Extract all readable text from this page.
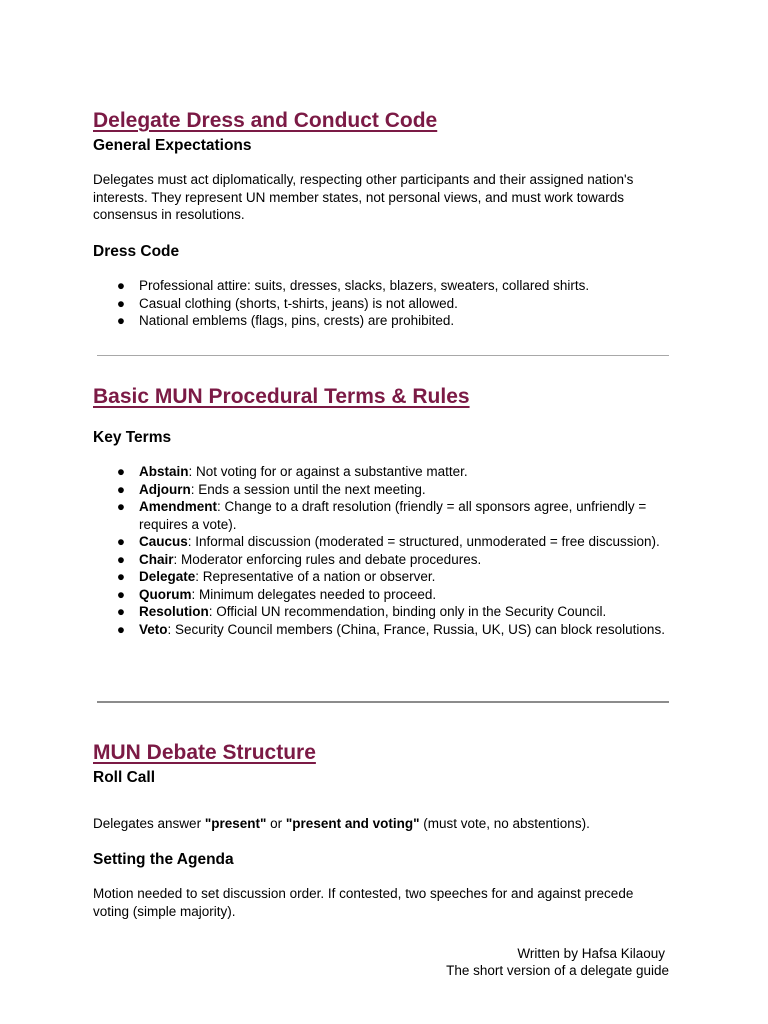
Delegate Dress and Conduct Code
General Expectations

Delegates must act diplomatically, respecting other participants and their assigned nation's interests. They represent UN member states, not personal views, and must work towards consensus in resolutions.

Dress Code
● Professional attire: suits, dresses, slacks, blazers, sweaters, collared shirts.
● Casual clothing (shorts, t-shirts, jeans) is not allowed.
● National emblems (flags, pins, crests) are prohibited.
Basic MUN Procedural Terms & Rules
Key Terms
● Abstain: Not voting for or against a substantive matter.
● Adjourn: Ends a session until the next meeting.
● Amendment: Change to a draft resolution (friendly = all sponsors agree, unfriendly = requires a vote).
● Caucus: Informal discussion (moderated = structured, unmoderated = free discussion).
● Chair: Moderator enforcing rules and debate procedures.
● Delegate: Representative of a nation or observer.
● Quorum: Minimum delegates needed to proceed.
● Resolution: Official UN recommendation, binding only in the Security Council.
● Veto: Security Council members (China, France, Russia, UK, US) can block resolutions.
MUN Debate Structure
Roll Call

Delegates answer "present" or "present and voting" (must vote, no abstentions).

Setting the Agenda

Motion needed to set discussion order. If contested, two speeches for and against precede voting (simple majority).

Written by Hafsa Kilaouy
The short version of a delegate guide
